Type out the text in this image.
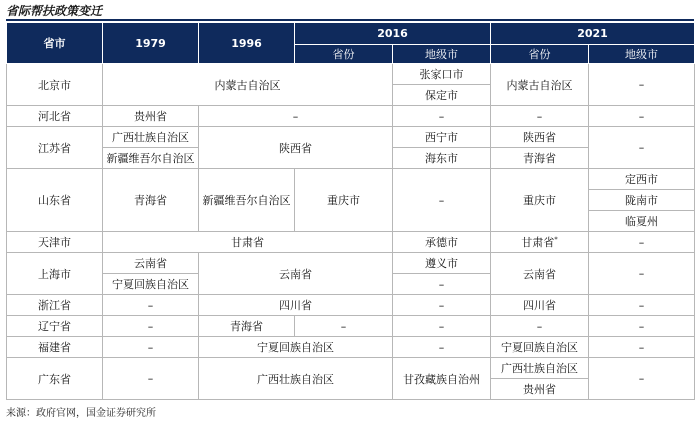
省际帮扶政策变迁
省市	1979	1996	2016		2021	
			省份	地级市	省份	地级市
北京市	内蒙古自治区			张家口市	内蒙古自治区	–
				保定市		
河北省	贵州省	–		–	–	–
江苏省	广西壮族自治区	陕西省		西宁市	陕西省	–
	新疆维吾尔自治区			海东市	青海省	
山东省	青海省	新疆维吾尔自治区	重庆市	–	重庆市	定西市
						陇南市
						临夏州
天津市	甘肃省			承德市	甘肃省*	–
上海市	云南省	云南省		遵义市	云南省	–
	宁夏回族自治区			–		
浙江省	–	四川省		–	四川省	–
辽宁省	–	青海省	–	–	–	–
福建省	–	宁夏回族自治区		–	宁夏回族自治区	–
广东省	–	广西壮族自治区		甘孜藏族自治州	广西壮族自治区	–
					贵州省	
来源：政府官网，国金证券研究所
